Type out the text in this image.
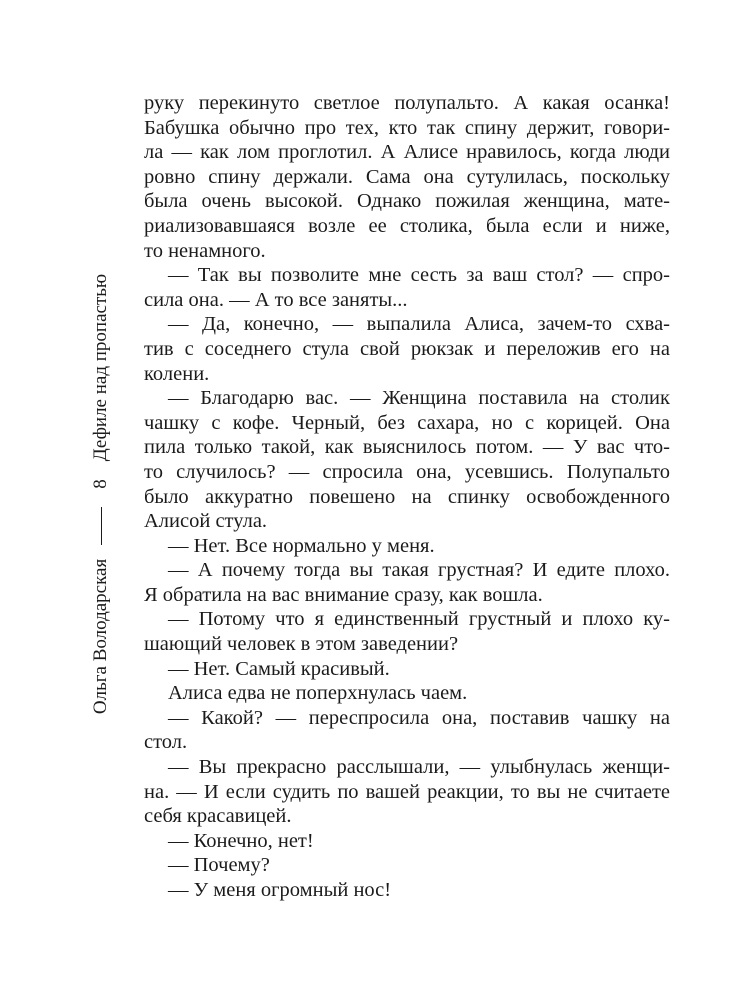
Ольга Володарская
8
Дефиле над пропастью
руку перекинуто светлое полупальто. А какая осанка!
Бабушка обычно про тех, кто так спину держит, говори-
ла — как лом проглотил. А Алисе нравилось, когда люди
ровно спину держали. Сама она сутулилась, поскольку
была очень высокой. Однако пожилая женщина, мате-
риализовавшаяся возле ее столика, была если и ниже,
то ненамного.
— Так вы позволите мне сесть за ваш стол? — спро-
сила она. — А то все заняты...
— Да, конечно, — выпалила Алиса, зачем-то схва-
тив с соседнего стула свой рюкзак и переложив его на
колени.
— Благодарю вас. — Женщина поставила на столик
чашку с кофе. Черный, без сахара, но с корицей. Она
пила только такой, как выяснилось потом. — У вас что-
то случилось? — спросила она, усевшись. Полупальто
было аккуратно повешено на спинку освобожденного
Алисой стула.
— Нет. Все нормально у меня.
— А почему тогда вы такая грустная? И едите плохо.
Я обратила на вас внимание сразу, как вошла.
— Потому что я единственный грустный и плохо ку-
шающий человек в этом заведении?
— Нет. Самый красивый.
Алиса едва не поперхнулась чаем.
— Какой? — переспросила она, поставив чашку на
стол.
— Вы прекрасно расслышали, — улыбнулась женщи-
на. — И если судить по вашей реакции, то вы не считаете
себя красавицей.
— Конечно, нет!
— Почему?
— У меня огромный нос!
